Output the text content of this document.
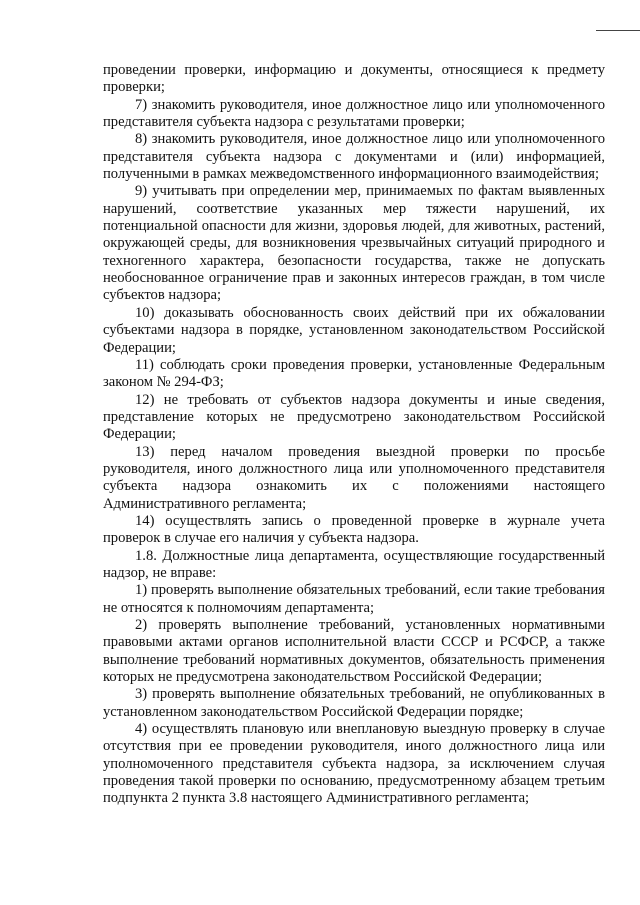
проведении проверки, информацию и документы, относящиеся к предмету проверки;

7) знакомить руководителя, иное должностное лицо или уполномоченного представителя субъекта надзора с результатами проверки;

8) знакомить руководителя, иное должностное лицо или уполномоченного представителя субъекта надзора с документами и (или) информацией, полученными в рамках межведомственного информационного взаимодействия;

9) учитывать при определении мер, принимаемых по фактам выявленных нарушений, соответствие указанных мер тяжести нарушений, их потенциальной опасности для жизни, здоровья людей, для животных, растений, окружающей среды, для возникновения чрезвычайных ситуаций природного и техногенного характера, безопасности государства, также не допускать необоснованное ограничение прав и законных интересов граждан, в том числе субъектов надзора;

10) доказывать обоснованность своих действий при их обжаловании субъектами надзора в порядке, установленном законодательством Российской Федерации;

11) соблюдать сроки проведения проверки, установленные Федеральным законом № 294-ФЗ;

12) не требовать от субъектов надзора документы и иные сведения, представление которых не предусмотрено законодательством Российской Федерации;

13) перед началом проведения выездной проверки по просьбе руководителя, иного должностного лица или уполномоченного представителя субъекта надзора ознакомить их с положениями настоящего Административного регламента;

14) осуществлять запись о проведенной проверке в журнале учета проверок в случае его наличия у субъекта надзора.

1.8. Должностные лица департамента, осуществляющие государственный надзор, не вправе:

1) проверять выполнение обязательных требований, если такие требования не относятся к полномочиям департамента;

2) проверять выполнение требований, установленных нормативными правовыми актами органов исполнительной власти СССР и РСФСР, а также выполнение требований нормативных документов, обязательность применения которых не предусмотрена законодательством Российской Федерации;

3) проверять выполнение обязательных требований, не опубликованных в установленном законодательством Российской Федерации порядке;

4) осуществлять плановую или внеплановую выездную проверку в случае отсутствия при ее проведении руководителя, иного должностного лица или уполномоченного представителя субъекта надзора, за исключением случая проведения такой проверки по основанию, предусмотренному абзацем третьим подпункта 2 пункта 3.8 настоящего Административного регламента;
